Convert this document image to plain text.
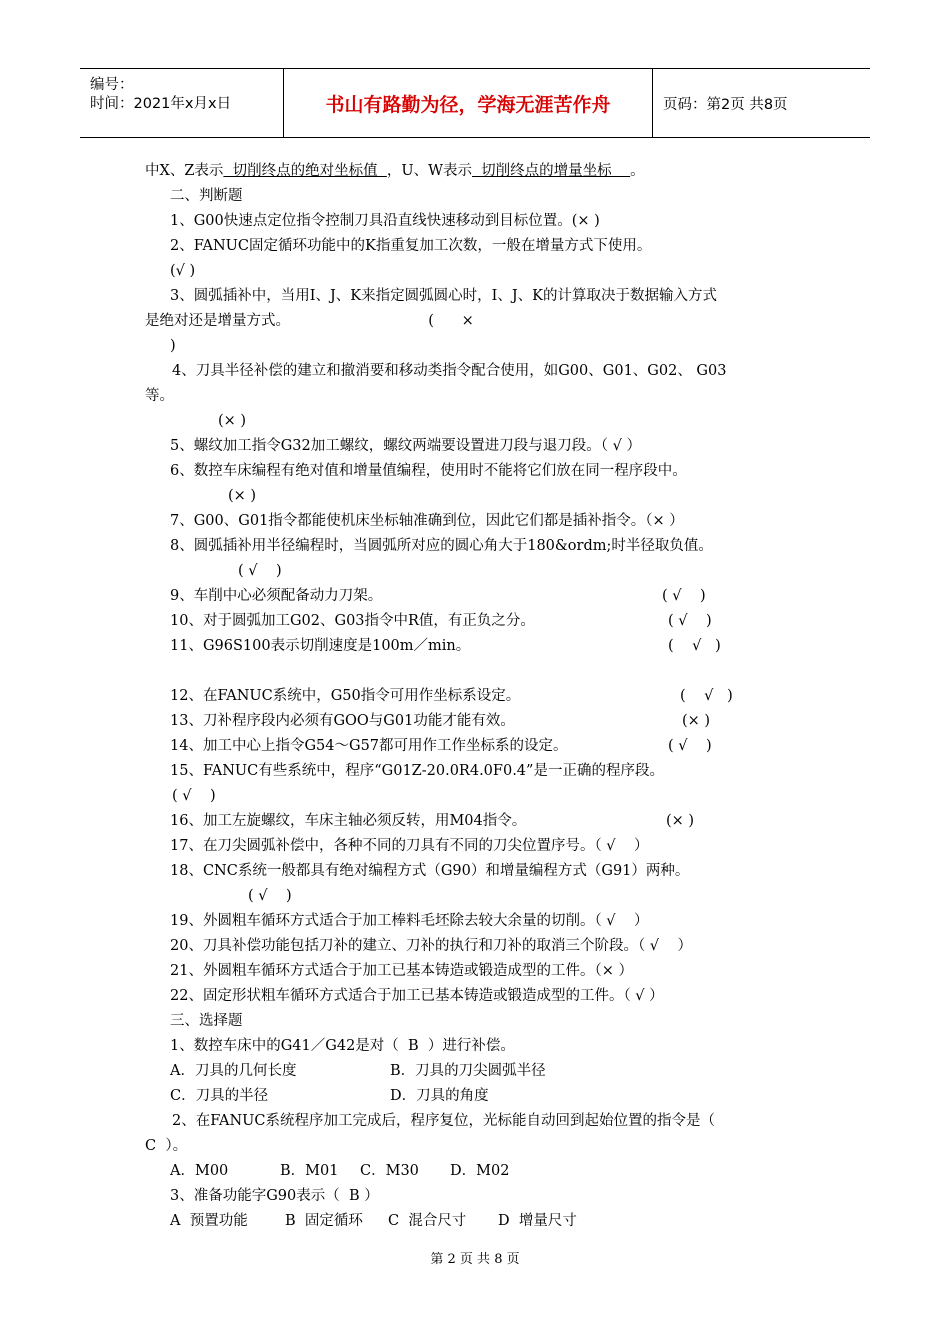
编号：
时间：2021年x月x日	书山有路勤为径，学海无涯苦作舟	页码：第2页 共8页
中X、Z表示  切削终点的绝对坐标值  ，U、W表示  切削终点的增量坐标    。
二、判断题
1、G00快速点定位指令控制刀具沿直线快速移动到目标位置。(× )
2、FANUC固定循环功能中的K指重复加工次数，一般在增量方式下使用。
(√ )
3、圆弧插补中，当用I、J、K来指定圆弧圆心时，I、J、K的计算取决于数据输入方式
是绝对还是增量方式。                              (      ×
)
4、刀具半径补偿的建立和撤消要和移动类指令配合使用，如G00、G01、G02、 G03
等。
(× )
5、螺纹加工指令G32加工螺纹，螺纹两端要设置进刀段与退刀段。（ √ ）
6、数控车床编程有绝对值和增量值编程，使用时不能将它们放在同一程序段中。
(× )
7、G00、G01指令都能使机床坐标轴准确到位，因此它们都是插补指令。（× ）
8、圆弧插补用半径编程时，当圆弧所对应的圆心角大于180&ordm;时半径取负值。
( √    )
9、车削中心必须配备动力刀架。	( √    )
10、对于圆弧加工G02、G03指令中R值，有正负之分。	( √    )
11、G96S100表示切削速度是100m／min。	(    √   )
12、在FANUC系统中，G50指令可用作坐标系设定。	(    √   )
13、刀补程序段内必须有GOO与G01功能才能有效。	(× )
14、加工中心上指令G54～G57都可用作工作坐标系的设定。	( √    )
15、FANUC有些系统中，程序“G01Z-20.0R4.0F0.4”是一正确的程序段。
( √    )
16、加工左旋螺纹，车床主轴必须反转，用M04指令。	(× )
17、在刀尖圆弧补偿中，各种不同的刀具有不同的刀尖位置序号。（ √    ）
18、CNC系统一般都具有绝对编程方式（G90）和增量编程方式（G91）两种。
( √    )
19、外圆粗车循环方式适合于加工棒料毛坯除去较大余量的切削。（ √    ）
20、刀具补偿功能包括刀补的建立、刀补的执行和刀补的取消三个阶段。（ √    ）
21、外圆粗车循环方式适合于加工已基本铸造或锻造成型的工件。（× ）
22、固定形状粗车循环方式适合于加工已基本铸造或锻造成型的工件。（ √ ）
三、选择题
1、数控车床中的G41／G42是对（  B  ）进行补偿。
A．刀具的几何长度	B．刀具的刀尖圆弧半径
C．刀具的半径	D．刀具的角度
2、在FANUC系统程序加工完成后，程序复位，光标能自动回到起始位置的指令是（
C  ）。
A．M00	B．M01 C．M30 D．M02
3、准备功能字G90表示（  B ）
A  预置功能	B  固定循环 C  混合尺寸 D  增量尺寸
第 2 页 共 8 页
